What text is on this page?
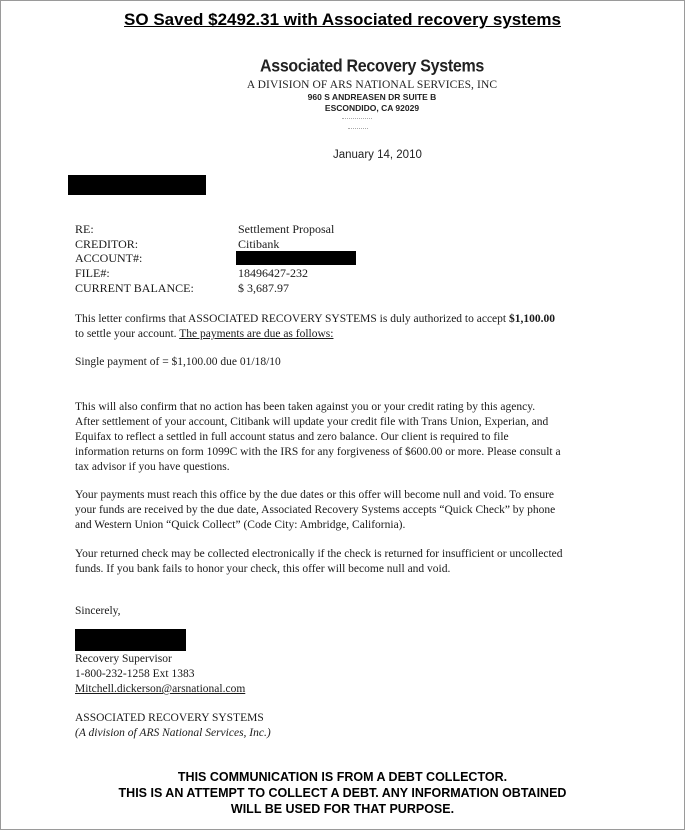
SO Saved $2492.31 with Associated recovery systems
Associated Recovery Systems
A DIVISION OF ARS NATIONAL SERVICES, INC
960 S ANDREASEN DR SUITE B
ESCONDIDO, CA 92029
January 14, 2010
RE:	Settlement Proposal
CREDITOR:	Citibank
ACCOUNT#:
FILE#:	18496427-232
CURRENT BALANCE:	$ 3,687.97
This letter confirms that ASSOCIATED RECOVERY SYSTEMS is duly authorized to accept $1,100.00
to settle your account. The payments are due as follows:
Single payment of = $1,100.00 due 01/18/10
This will also confirm that no action has been taken against you or your credit rating by this agency.
After settlement of your account, Citibank will update your credit file with Trans Union, Experian, and
Equifax to reflect a settled in full account status and zero balance. Our client is required to file
information returns on form 1099C with the IRS for any forgiveness of $600.00 or more. Please consult a
tax advisor if you have questions.
Your payments must reach this office by the due dates or this offer will become null and void. To ensure
your funds are received by the due date, Associated Recovery Systems accepts “Quick Check” by phone
and Western Union “Quick Collect” (Code City: Ambridge, California).
Your returned check may be collected electronically if the check is returned for insufficient or uncollected
funds. If you bank fails to honor your check, this offer will become null and void.
Sincerely,
Recovery Supervisor
1-800-232-1258 Ext 1383
Mitchell.dickerson@arsnational.com
ASSOCIATED RECOVERY SYSTEMS
(A division of ARS National Services, Inc.)
THIS COMMUNICATION IS FROM A DEBT COLLECTOR.
THIS IS AN ATTEMPT TO COLLECT A DEBT. ANY INFORMATION OBTAINED
WILL BE USED FOR THAT PURPOSE.
